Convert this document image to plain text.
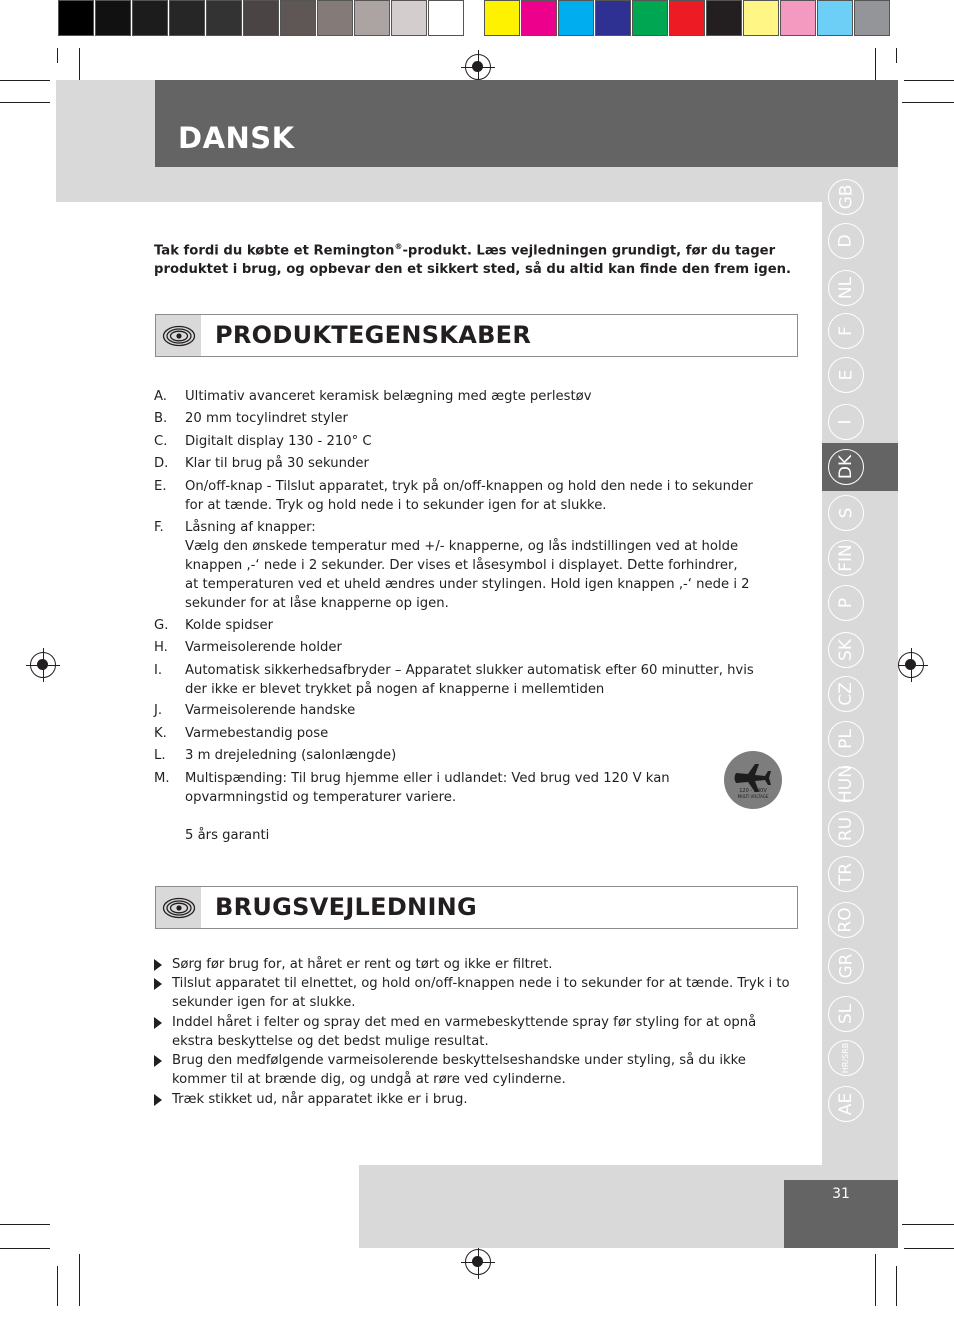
DANSK
Tak fordi du købte et Remington®-produkt. Læs vejledningen grundigt, før du tager produktet i brug, og opbevar den et sikkert sted, så du altid kan finde den frem igen.
PRODUKTEGENSKABER
A. Ultimativ avanceret keramisk belægning med ægte perlestøv
B. 20 mm tocylindret styler
C. Digitalt display 130 - 210° C
D. Klar til brug på 30 sekunder
E. On/off-knap - Tilslut apparatet, tryk på on/off-knappen og hold den nede i to sekunder
for at tænde. Tryk og hold nede i to sekunder igen for at slukke.
F. Låsning af knapper:
Vælg den ønskede temperatur med +/- knapperne, og lås indstillingen ved at holde
knappen ,-‘ nede i 2 sekunder. Der vises et låsesymbol i displayet. Dette forhindrer,
at temperaturen ved et uheld ændres under stylingen. Hold igen knappen ,-‘ nede i 2
sekunder for at låse knapperne op igen.
G. Kolde spidser
H. Varmeisolerende holder
I. Automatisk sikkerhedsafbryder – Apparatet slukker automatisk efter 60 minutter, hvis
der ikke er blevet trykket på nogen af knapperne i mellemtiden
J. Varmeisolerende handske
K. Varmebestandig pose
L. 3 m drejeledning (salonlængde)
M. Multispænding: Til brug hjemme eller i udlandet: Ved brug ved 120 V kan
opvarmningstid og temperaturer variere.	120 - 240V
MULTI VOLTAGE
5 års garanti
BRUGSVEJLEDNING
Sørg før brug for, at håret er rent og tørt og ikke er filtret.
Tilslut apparatet til elnettet, og hold on/off-knappen nede i to sekunder for at tænde. Tryk i to sekunder igen for at slukke.
Inddel håret i felter og spray det med en varmebeskyttende spray før styling for at opnå ekstra beskyttelse og det bedst mulige resultat.
Brug den medfølgende varmeisolerende beskyttelseshandske under styling, så du ikke kommer til at brænde dig, og undgå at røre ved cylinderne.
Træk stikket ud, når apparatet ikke er i brug.
GB
D
NL
F
E
I
DK
S
FIN
P
SK
CZ
PL
HUN
RU
TR
RO
GR
SL
HR/SRB
AE
31
